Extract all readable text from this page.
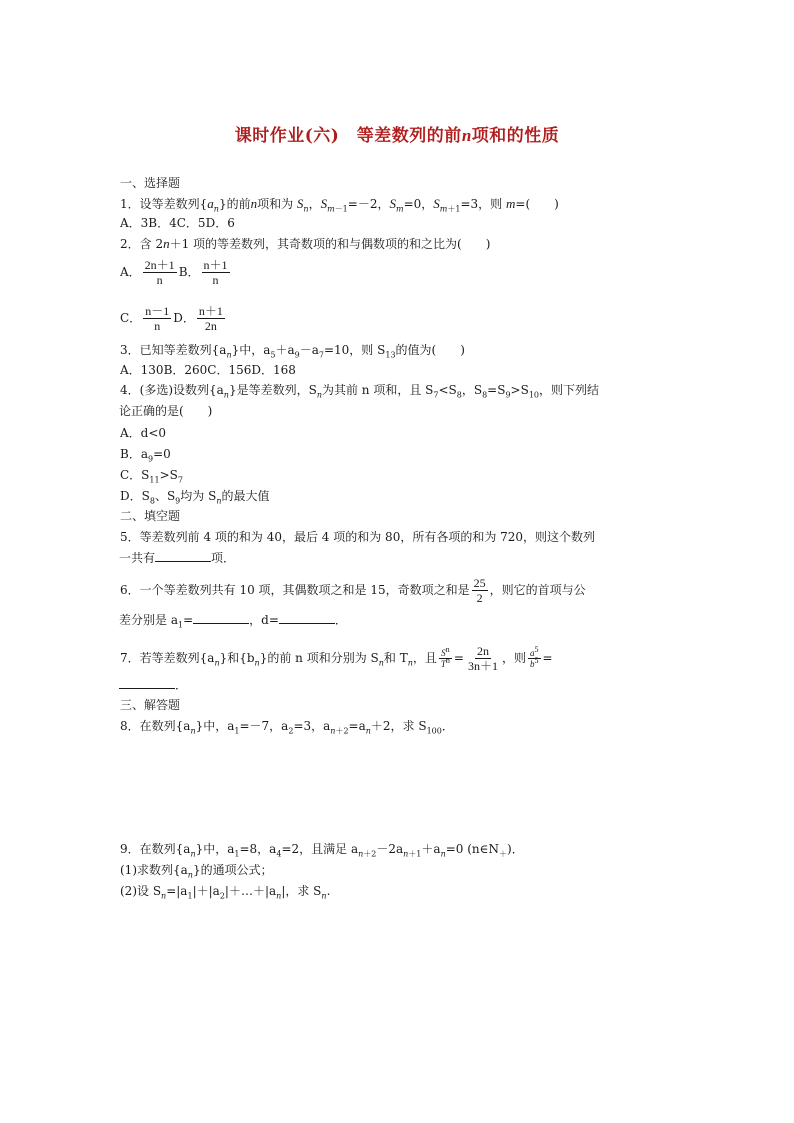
课时作业(六)　等差数列的前n项和的性质
一、选择题
1．设等差数列$\{a_n\}$的前n项和为 $S_n$，$S_{m-1}=-2$，$S_m=0$，$S_{m+1}=3$，则 m=(　　)
A．3B．4C．5D．6
2．含 2n＋1 项的等差数列，其奇数项的和与偶数项的和之比为(　　)
A． $\frac{2n+1}{n}$ B． $\frac{n+1}{n}$
C． $\frac{n-1}{n}$ D． $\frac{n+1}{2n}$
3．已知等差数列$\{a_n\}$中，$a_5+a_9-a_7=10$，则 $S_{13}$的值为(　　)
A．130B．260C．156D．168
4．(多选)设数列$\{a_n\}$是等差数列，$S_n$为其前 n 项和，且 $S_7<S_8$，$S_8=S_9>S_{10}$，则下列结
论正确的是(　　)
A．d<0
B．$a_9=0$
C．$S_{11}>S_7$
D．$S_8$、$S_9$均为 $S_n$的最大值
二、填空题
5．等差数列前 4 项的和为 40，最后 4 项的和为 80，所有各项的和为 720，则这个数列
一共有	项．
6．一个等差数列共有 10 项，其偶数项之和是 15，奇数项之和是 $\frac{25}{2}$ ，则它的首项与公
差分别是 $a_1=$	，d=	．
7．若等差数列$\{a_n\}$和$\{b_n\}$的前 n 项和分别为 $S_n$和 $T_n$，且 $\frac{S^n}{T^n} = \frac{2n}{3n+1}$ ，则 $\frac{a^5}{b^5}$ =
．
三、解答题
8．在数列$\{a_n\}$中，$a_1=-7$，$a_2=3$，$a_{n+2}=a_n+2$，求 $S_{100}$．
9．在数列$\{a_n\}$中，$a_1=8$，$a_4=2$，且满足 $a_{n+2}-2a_{n+1}+a_n=0$ $(n\in N_+)$．
(1)求数列$\{a_n\}$的通项公式；
(2)设 $S_n=|a_1|+|a_2|+\dots+|a_n|$，求 $S_n$.
